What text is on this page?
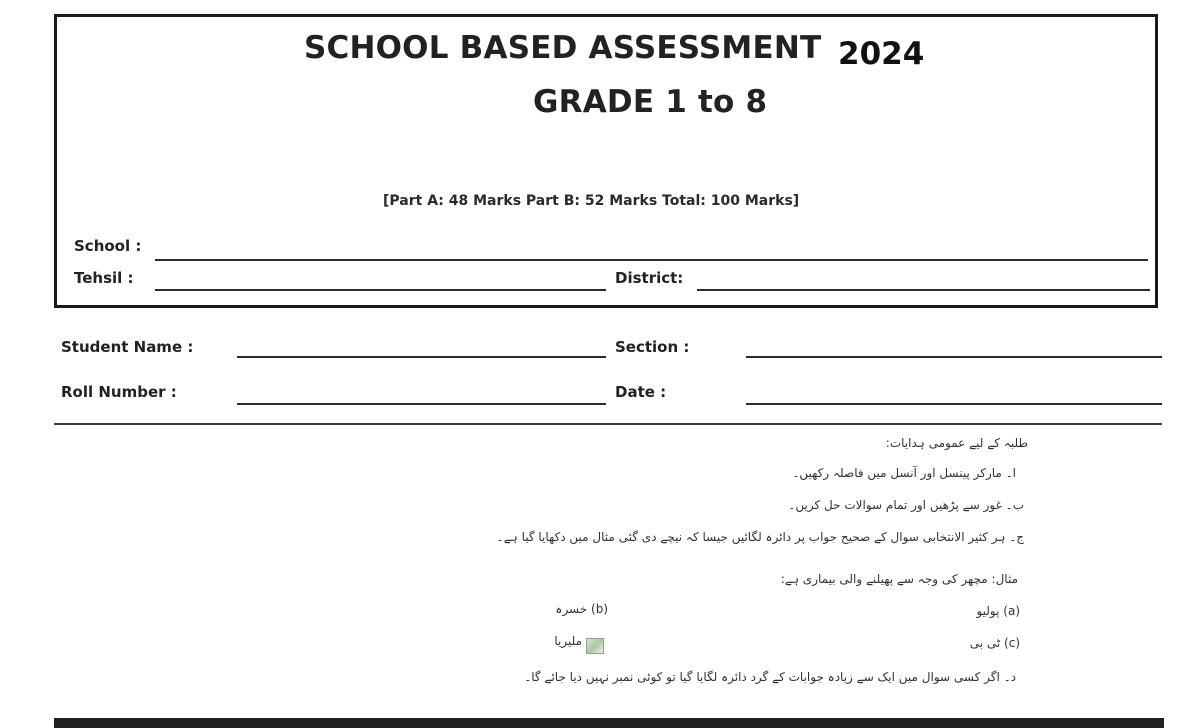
SCHOOL BASED ASSESSMENT 2024
GRADE 1 to 8
[Part A: 48 Marks Part B: 52 Marks Total: 100 Marks]
School :
Tehsil :	District:
Student Name :	Section :
Roll Number :	Date :
طلبہ کے لیے عمومی ہدایات:
ا۔ مارکر پینسل اور آنسل میں فاصلہ رکھیں۔
ب۔ غور سے پڑھیں اور تمام سوالات حل کریں۔
ج۔ ہر کثیر الانتخابی سوال کے صحیح جواب پر دائرہ لگائیں جیسا کہ نیچے دی گئی مثال میں دکھایا گیا ہے۔
مثال: مچھر کی وجہ سے پھیلنے والی بیماری ہے:
(a) پولیو
(b) خسرہ
(c) ٹی بی
ملیریا
د۔ اگر کسی سوال میں ایک سے زیادہ جوابات کے گرد دائرہ لگایا گیا تو کوئی نمبر نہیں دیا جائے گا۔
